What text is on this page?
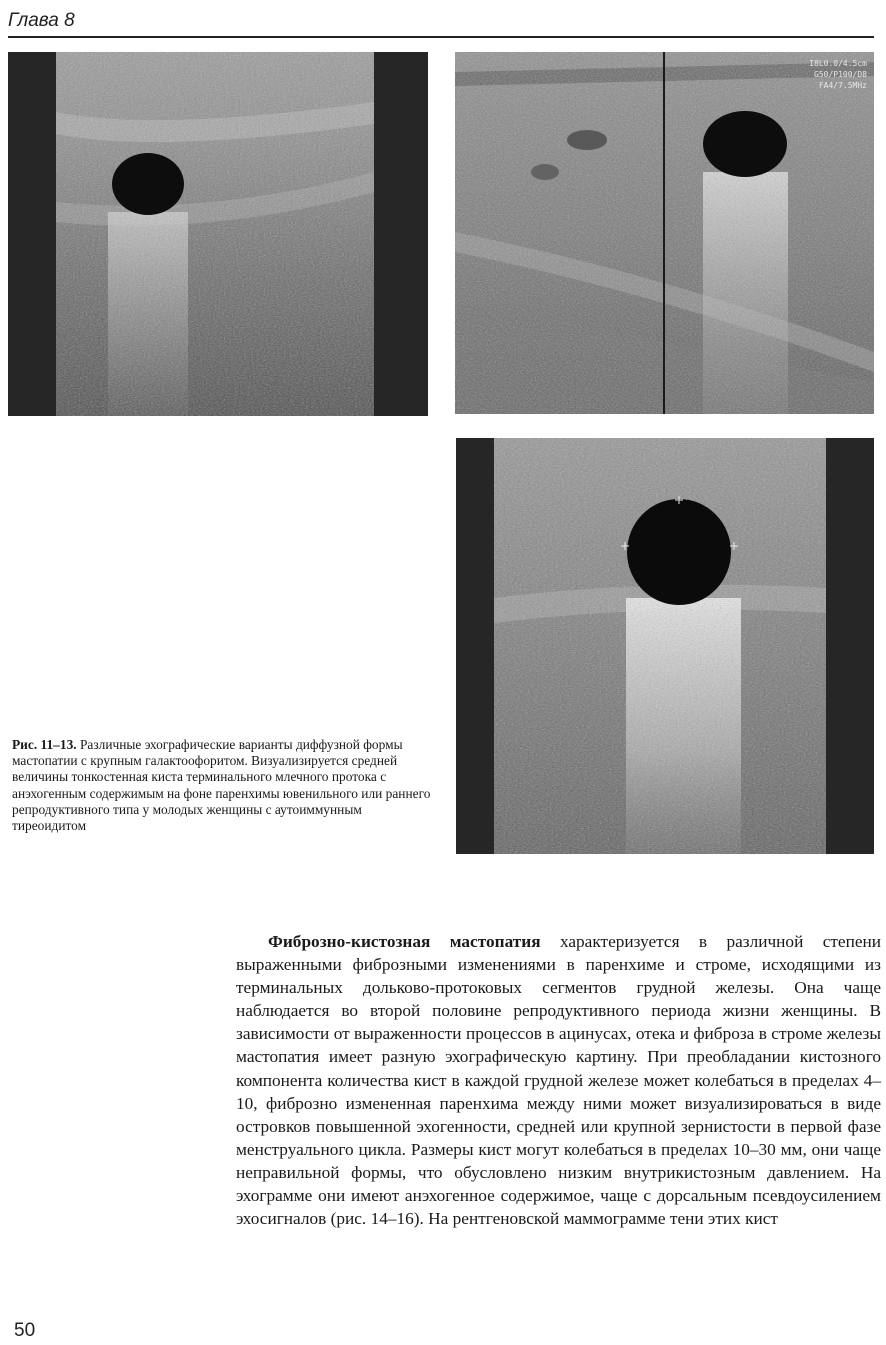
Глава 8
I8L0.0/4.5cm
G50/P100/D8
FA4/7.5MHz
Рис. 11–13. Различные эхографические варианты диффузной формы мастопатии с крупным галактоофоритом. Визуализируется средней величины тонкостенная киста терминального млечного протока с анэхогенным содержимым на фоне паренхимы ювенильного или раннего репродуктивного типа у молодых женщины с аутоиммунным тиреоидитом

Фиброзно-кистозная мастопатия характеризуется в различной степени выраженными фиброзными изменениями в паренхиме и строме, исходящими из терминальных дольково-протоковых сегментов грудной железы. Она чаще наблюдается во второй половине репродуктивного периода жизни женщины. В зависимости от выраженности процессов в ацинусах, отека и фиброза в строме железы мастопатия имеет разную эхографическую картину. При преобладании кистозного компонента количества кист в каждой грудной железе может колебаться в пределах 4–10, фиброзно измененная паренхима между ними может визуализироваться в виде островков повышенной эхогенности, средней или крупной зернистости в первой фазе менструального цикла. Размеры кист могут колебаться в пределах 10–30 мм, они чаще неправильной формы, что обусловлено низким внутрикистозным давлением. На эхограмме они имеют анэхогенное содержимое, чаще с дорсальным псевдоусилением эхосигналов (рис. 14–16). На рентгеновской маммограмме тени этих кист

50
